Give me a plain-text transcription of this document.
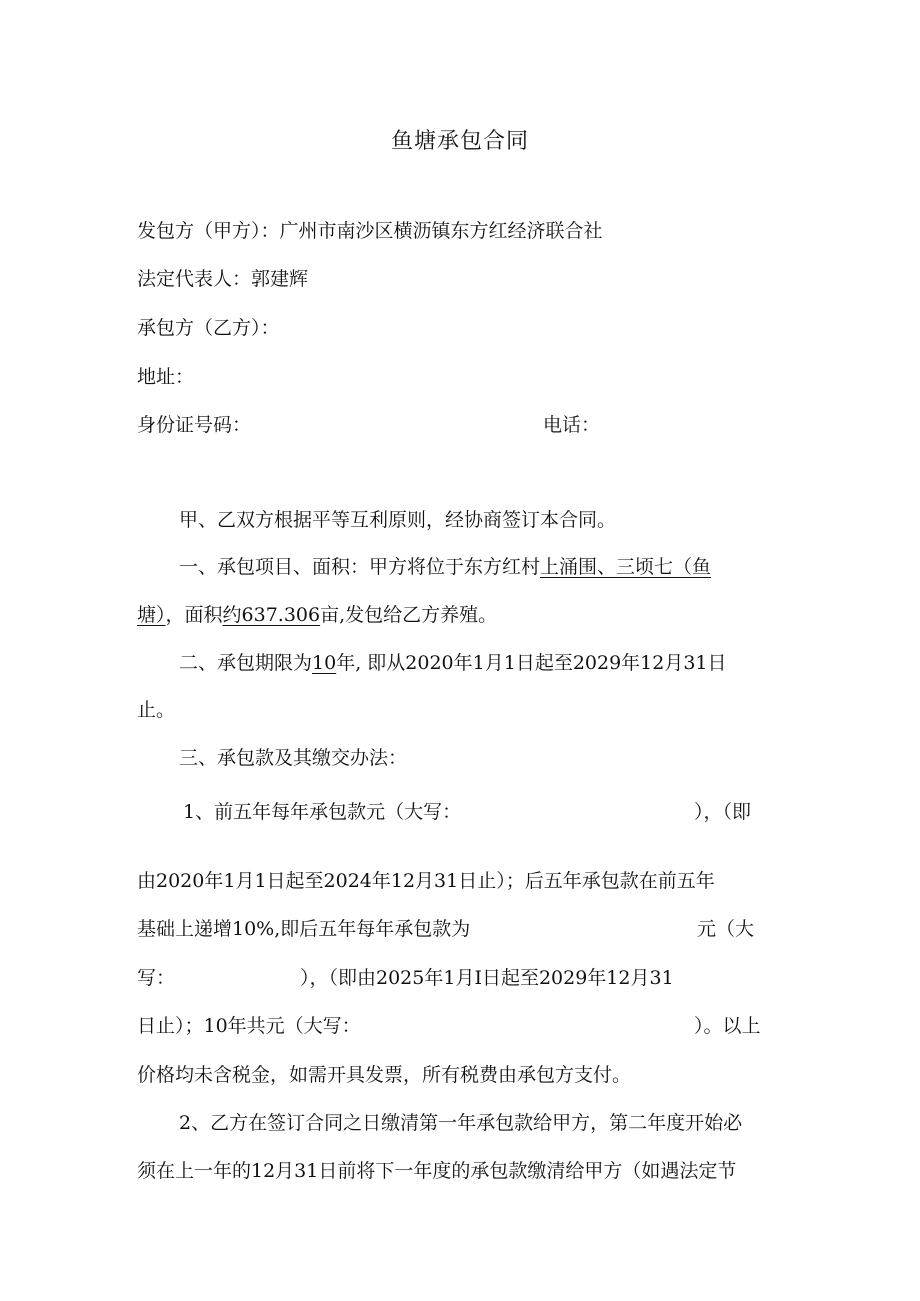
鱼塘承包合同
发包方（甲方）：广州市南沙区横沥镇东方红经济联合社
法定代表人：郭建辉
承包方（乙方）：
地址：
身份证号码：	电话：
甲、乙双方根据平等互利原则，经协商签订本合同。
一、承包项目、面积：甲方将位于东方红村上涌围、三顷七（鱼
塘），面积约637.306亩,发包给乙方养殖。
二、承包期限为10年, 即从2020年1月1日起至2029年12月31日
止。
三、承包款及其缴交办法：
1、前五年每年承包款元（大写：	），（即
由2020年1月1日起至2024年12月31日止）；后五年承包款在前五年
基础上递增10%,即后五年每年承包款为	元（大
写：	），（即由2025年1月I日起至2029年12月31
日止）；10年共元（大写：	）。以上
价格均未含税金，如需开具发票，所有税费由承包方支付。
2、乙方在签订合同之日缴清第一年承包款给甲方，第二年度开始必
须在上一年的12月31日前将下一年度的承包款缴清给甲方（如遇法定节
